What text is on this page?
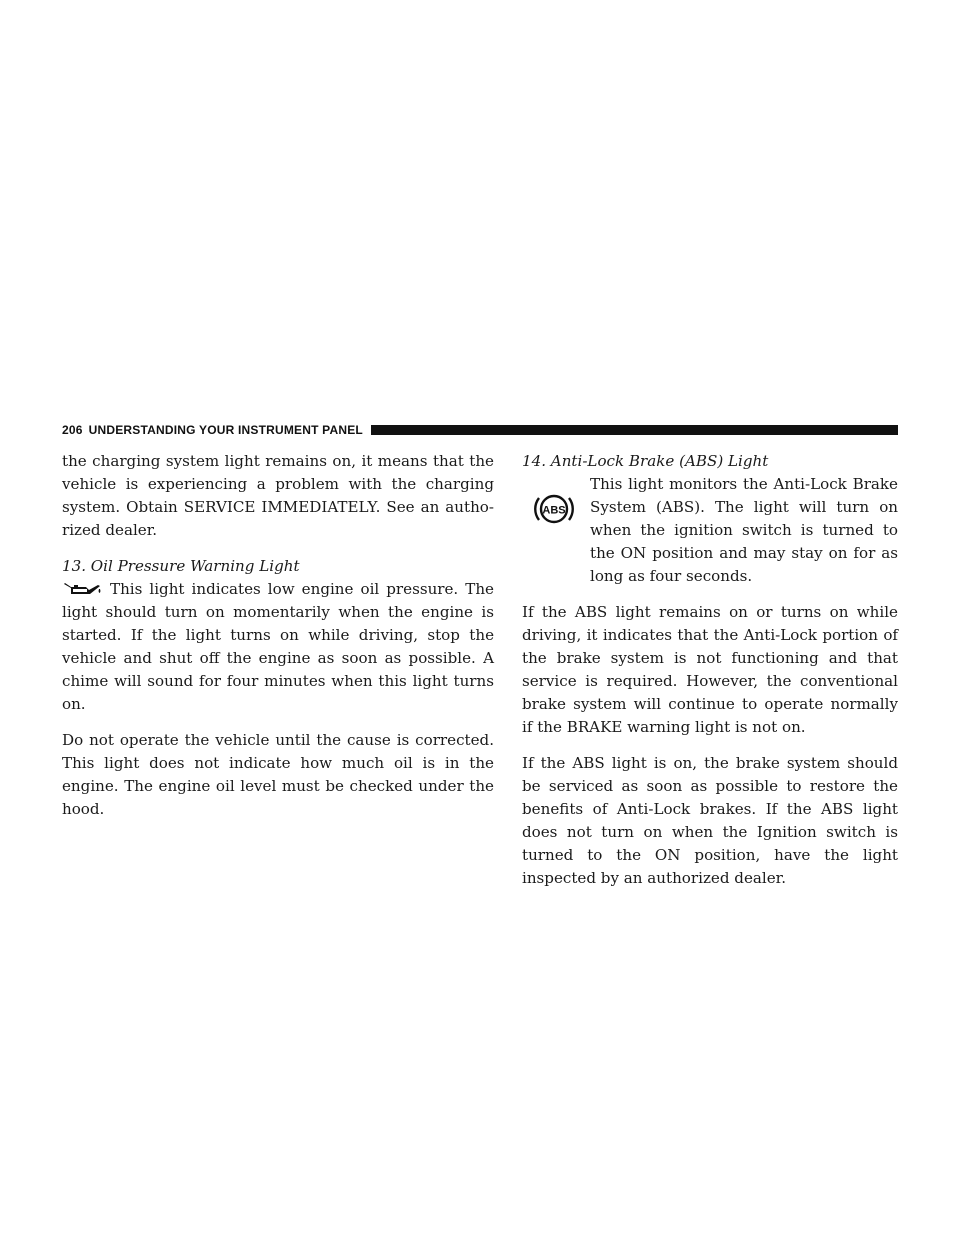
206 UNDERSTANDING YOUR INSTRUMENT PANEL

the charging system light remains on, it means that the vehicle is experiencing a problem with the charging system. Obtain SERVICE IMMEDIATELY. See an autho-rized dealer.

13. Oil Pressure Warning Light

This light indicates low engine oil pressure. The light should turn on momentarily when the engine is started. If the light turns on while driving, stop the vehicle and shut off the engine as soon as possible. A chime will sound for four minutes when this light turns on.

Do not operate the vehicle until the cause is corrected. This light does not indicate how much oil is in the engine. The engine oil level must be checked under the hood.

14. Anti-Lock Brake (ABS) Light
ABS

This light monitors the Anti-Lock Brake System (ABS). The light will turn on when the ignition switch is turned to the ON position and may stay on for as long as four seconds.

If the ABS light remains on or turns on while driving, it indicates that the Anti-Lock portion of the brake system is not functioning and that service is required. However, the conventional brake system will continue to operate normally if the BRAKE warning light is not on.

If the ABS light is on, the brake system should be serviced as soon as possible to restore the benefits of Anti-Lock brakes. If the ABS light does not turn on when the Ignition switch is turned to the ON position, have the light inspected by an authorized dealer.
